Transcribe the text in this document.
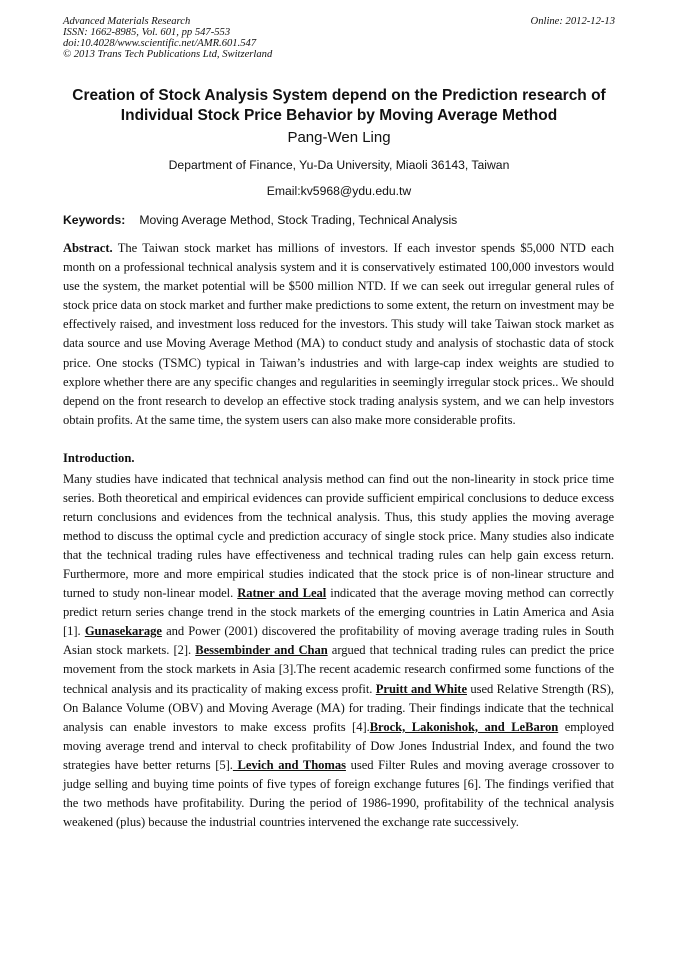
Advanced Materials Research
ISSN: 1662-8985, Vol. 601, pp 547-553
doi:10.4028/www.scientific.net/AMR.601.547
© 2013 Trans Tech Publications Ltd, Switzerland
Online: 2012-12-13
Creation of Stock Analysis System depend on the Prediction research of Individual Stock Price Behavior by Moving Average Method
Pang-Wen Ling
Department of Finance, Yu-Da University, Miaoli 36143, Taiwan
Email:kv5968@ydu.edu.tw
Keywords: Moving Average Method, Stock Trading, Technical Analysis

Abstract. The Taiwan stock market has millions of investors. If each investor spends $5,000 NTD each month on a professional technical analysis system and it is conservatively estimated 100,000 investors would use the system, the market potential will be $500 million NTD. If we can seek out irregular general rules of stock price data on stock market and further make predictions to some extent, the return on investment may be effectively raised, and investment loss reduced for the investors. This study will take Taiwan stock market as data source and use Moving Average Method (MA) to conduct study and analysis of stochastic data of stock price. One stocks (TSMC) typical in Taiwan’s industries and with large-cap index weights are studied to explore whether there are any specific changes and regularities in seemingly irregular stock prices.. We should depend on the front research to develop an effective stock trading analysis system, and we can help investors obtain profits. At the same time, the system users can also make more considerable profits.

Introduction.

Many studies have indicated that technical analysis method can find out the non-linearity in stock price time series. Both theoretical and empirical evidences can provide sufficient empirical conclusions to deduce excess return conclusions and evidences from the technical analysis. Thus, this study applies the moving average method to discuss the optimal cycle and prediction accuracy of single stock price. Many studies also indicate that the technical trading rules have effectiveness and technical trading rules can help gain excess return. Furthermore, more and more empirical studies indicated that the stock price is of non-linear structure and turned to study non-linear model. Ratner and Leal indicated that the average moving method can correctly predict return series change trend in the stock markets of the emerging countries in Latin America and Asia [1]. Gunasekarage and Power (2001) discovered the profitability of moving average trading rules in South Asian stock markets. [2]. Bessembinder and Chan argued that technical trading rules can predict the price movement from the stock markets in Asia [3].The recent academic research confirmed some functions of the technical analysis and its practicality of making excess profit. Pruitt and White used Relative Strength (RS), On Balance Volume (OBV) and Moving Average (MA) for trading. Their findings indicate that the technical analysis can enable investors to make excess profits [4].Brock, Lakonishok, and LeBaron employed moving average trend and interval to check profitability of Dow Jones Industrial Index, and found the two strategies have better returns [5]. Levich and Thomas used Filter Rules and moving average crossover to judge selling and buying time points of five types of foreign exchange futures [6]. The findings verified that the two methods have profitability. During the period of 1986-1990, profitability of the technical analysis weakened (plus) because the industrial countries intervened the exchange rate successively.
